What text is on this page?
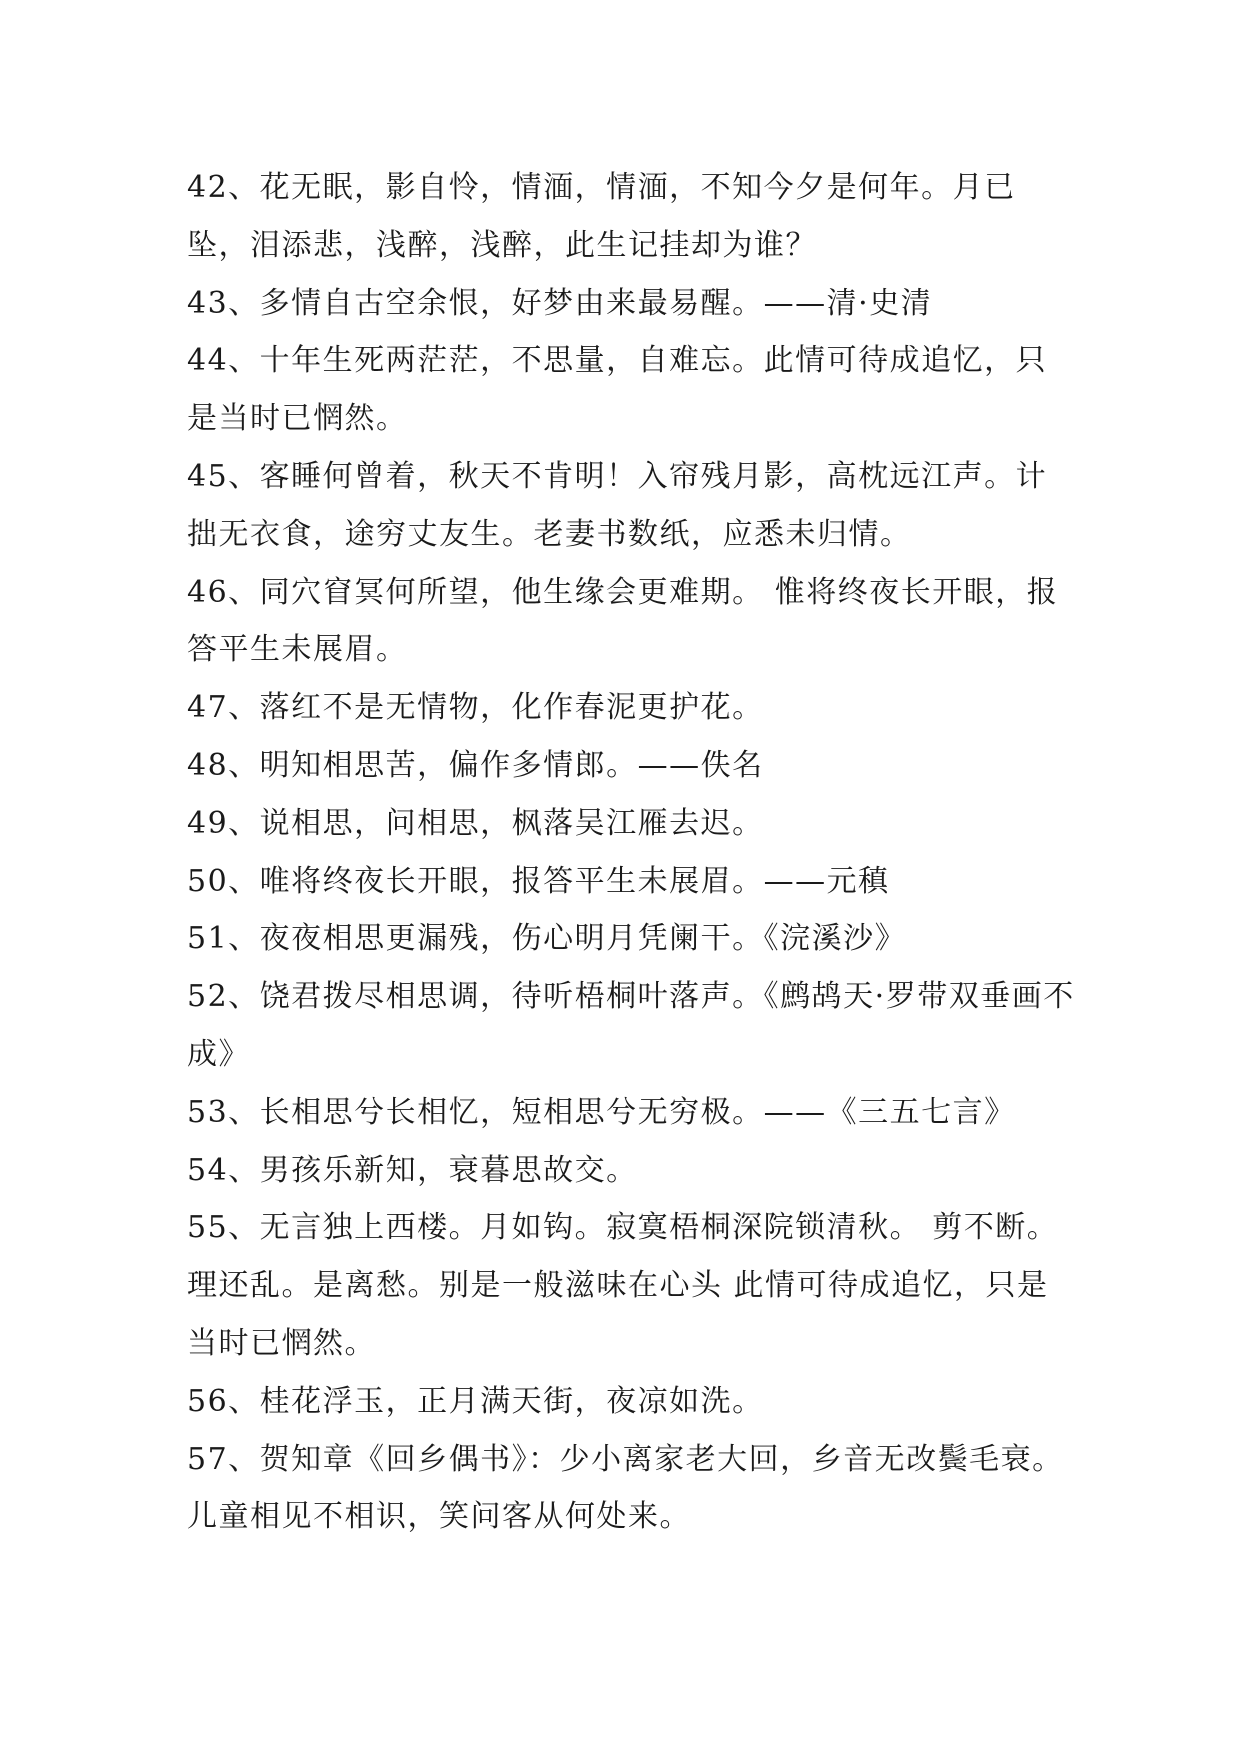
42、花无眠，影自怜，情湎，情湎，不知今夕是何年。月已坠，泪添悲，浅醉，浅醉，此生记挂却为谁？

43、多情自古空余恨，好梦由来最易醒。——清·史清

44、十年生死两茫茫，不思量，自难忘。此情可待成追忆，只是当时已惘然。

45、客睡何曾着，秋天不肯明！入帘残月影，高枕远江声。计拙无衣食，途穷丈友生。老妻书数纸，应悉未归情。

46、同穴窅冥何所望，他生缘会更难期。 惟将终夜长开眼，报答平生未展眉。

47、落红不是无情物，化作春泥更护花。

48、明知相思苦，偏作多情郎。——佚名

49、说相思，问相思，枫落吴江雁去迟。

50、唯将终夜长开眼，报答平生未展眉。——元稹

51、夜夜相思更漏残，伤心明月凭阑干。《浣溪沙》

52、饶君拨尽相思调，待听梧桐叶落声。《鹧鸪天·罗带双垂画不成》

53、长相思兮长相忆，短相思兮无穷极。——《三五七言》

54、男孩乐新知，衰暮思故交。

55、无言独上西楼。月如钩。寂寞梧桐深院锁清秋。 剪不断。理还乱。是离愁。别是一般滋味在心头 此情可待成追忆，只是当时已惘然。

56、桂花浮玉，正月满天街，夜凉如洗。

57、贺知章《回乡偶书》：少小离家老大回，乡音无改鬓毛衰。儿童相见不相识，笑问客从何处来。
